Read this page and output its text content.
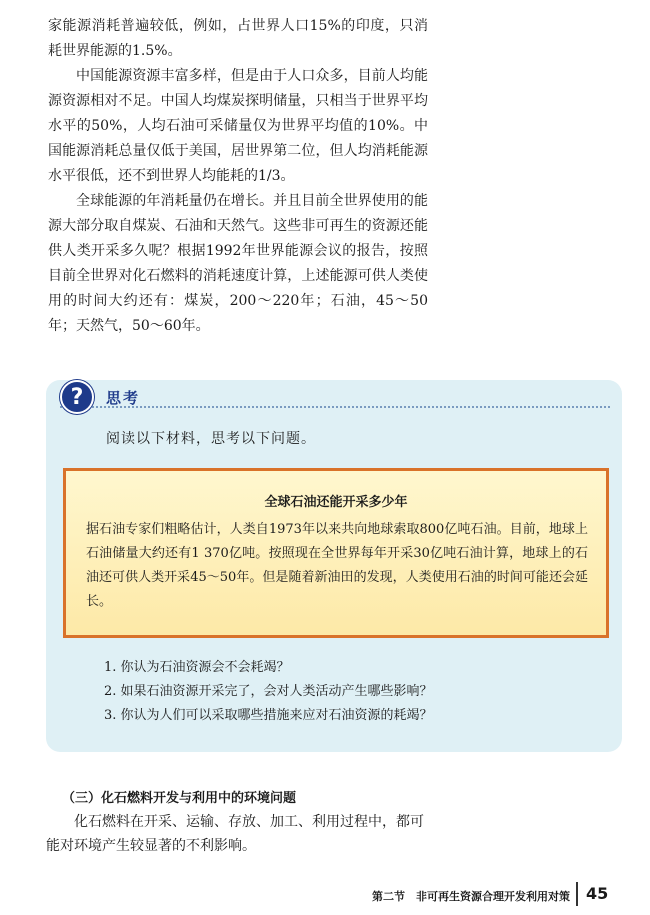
家能源消耗普遍较低，例如，占世界人口15%的印度，只消耗世界能源的1.5%。

中国能源资源丰富多样，但是由于人口众多，目前人均能源资源相对不足。中国人均煤炭探明储量，只相当于世界平均水平的50%，人均石油可采储量仅为世界平均值的10%。中国能源消耗总量仅低于美国，居世界第二位，但人均消耗能源水平很低，还不到世界人均能耗的1/3。

全球能源的年消耗量仍在增长。并且目前全世界使用的能源大部分取自煤炭、石油和天然气。这些非可再生的资源还能供人类开采多久呢？根据1992年世界能源会议的报告，按照目前全世界对化石燃料的消耗速度计算，上述能源可供人类使用的时间大约还有：煤炭，200～220年；石油，45～50年；天然气，50～60年。

?	思考
阅读以下材料，思考以下问题。
全球石油还能开采多少年
据石油专家们粗略估计，人类自1973年以来共向地球索取800亿吨石油。目前，地球上石油储量大约还有1 370亿吨。按照现在全世界每年开采30亿吨石油计算，地球上的石油还可供人类开采45～50年。但是随着新油田的发现，人类使用石油的时间可能还会延长。

1. 你认为石油资源会不会耗竭？

2. 如果石油资源开采完了，会对人类活动产生哪些影响？

3. 你认为人们可以采取哪些措施来应对石油资源的耗竭？

（三）化石燃料开发与利用中的环境问题

化石燃料在开采、运输、存放、加工、利用过程中，都可能对环境产生较显著的不利影响。

第二节　非可再生资源合理开发利用对策 45
